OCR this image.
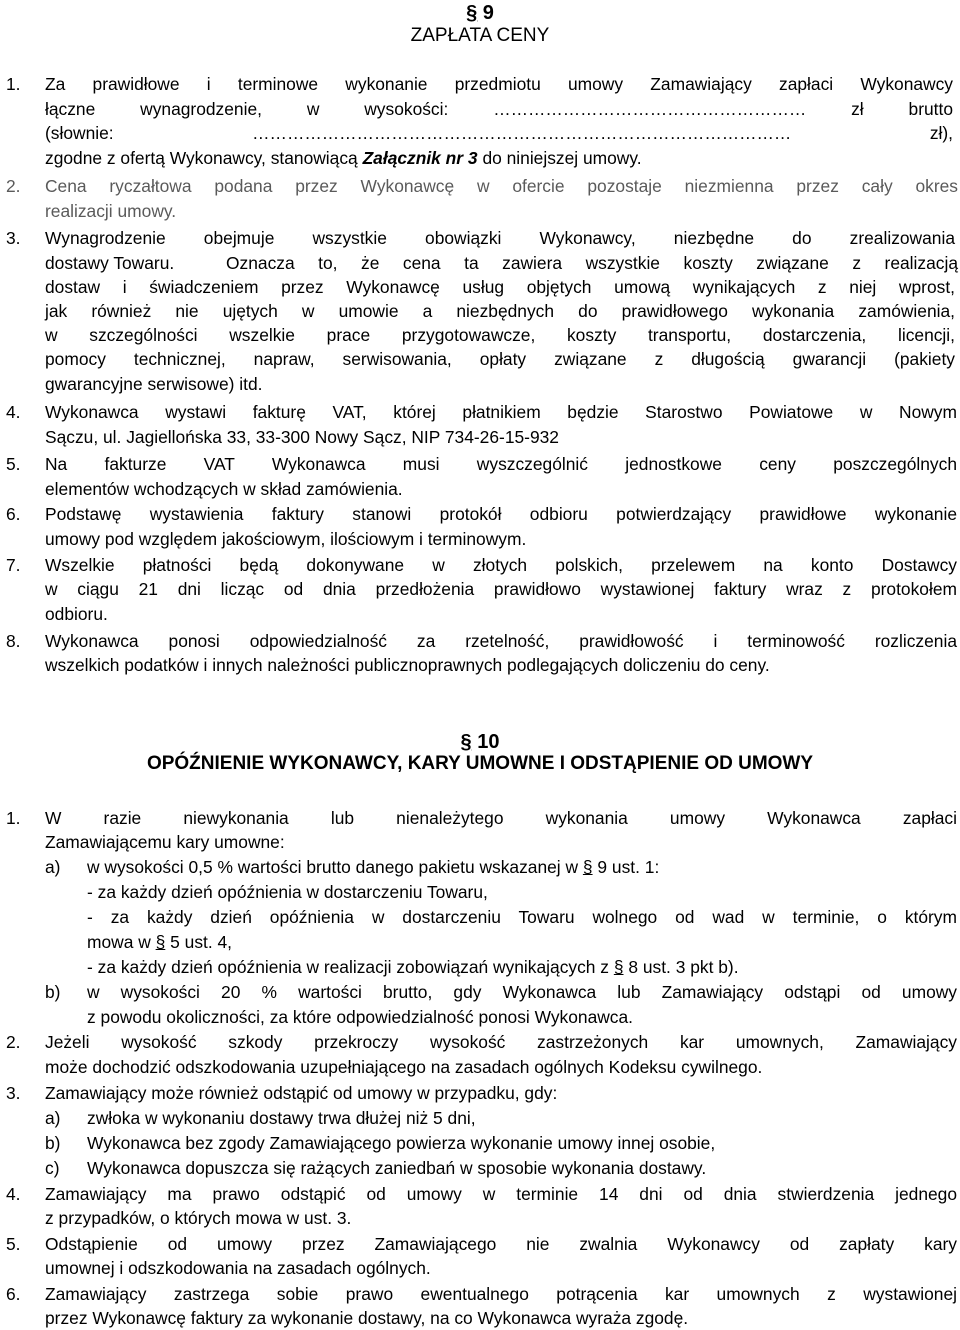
§ 9
ZAPŁATA CENY
1. Za prawidłowe i terminowe wykonanie przedmiotu umowy Zamawiający zapłaci Wykonawcy
łączne wynagrodzenie, w wysokości: ……………………………………………… zł brutto
(słownie: ………………………………………………………………………………… zł),
zgodne z ofertą Wykonawcy, stanowiącą Załącznik nr 3 do niniejszej umowy.
2. Cena ryczałtowa podana przez Wykonawcę w ofercie pozostaje niezmienna przez cały okres
realizacji umowy.
3. Wynagrodzenie obejmuje wszystkie obowiązki Wykonawcy, niezbędne do zrealizowania
dostawy Towaru.	Oznacza to, że cena ta zawiera wszystkie koszty związane z realizacją
dostaw i świadczeniem przez Wykonawcę usług objętych umową wynikających z niej wprost,
jak również nie ujętych w umowie a niezbędnych do prawidłowego wykonania zamówienia,
w szczególności wszelkie prace przygotowawcze, koszty transportu, dostarczenia, licencji,
pomocy technicznej, napraw, serwisowania, opłaty związane z długością gwarancji (pakiety
gwarancyjne serwisowe) itd.
4. Wykonawca wystawi fakturę VAT, której płatnikiem będzie Starostwo Powiatowe w Nowym
Sączu, ul. Jagiellońska 33, 33-300 Nowy Sącz, NIP 734-26-15-932
5. Na fakturze VAT Wykonawca musi wyszczególnić jednostkowe ceny poszczególnych
elementów wchodzących w skład zamówienia.
6. Podstawę wystawienia faktury stanowi protokół odbioru potwierdzający prawidłowe wykonanie
umowy pod względem jakościowym, ilościowym i terminowym.
7. Wszelkie płatności będą dokonywane w złotych polskich, przelewem na konto Dostawcy
w ciągu 21 dni licząc od dnia przedłożenia prawidłowo wystawionej faktury wraz z protokołem
odbioru.
8. Wykonawca ponosi odpowiedzialność za rzetelność, prawidłowość i terminowość rozliczenia
wszelkich podatków i innych należności publicznoprawnych podlegających doliczeniu do ceny.
§ 10
OPÓŹNIENIE WYKONAWCY, KARY UMOWNE I ODSTĄPIENIE OD UMOWY
1. W razie niewykonania lub nienależytego wykonania umowy Wykonawca zapłaci
Zamawiającemu kary umowne:
a) w wysokości 0,5 % wartości brutto danego pakietu wskazanej w § 9 ust. 1:
- za każdy dzień opóźnienia w dostarczeniu Towaru,
- za każdy dzień opóźnienia w dostarczeniu Towaru wolnego od wad w terminie, o którym
mowa w § 5 ust. 4,
- za każdy dzień opóźnienia w realizacji zobowiązań wynikających z § 8 ust. 3 pkt b).
b) w wysokości 20 % wartości brutto, gdy Wykonawca lub Zamawiający odstąpi od umowy
z powodu okoliczności, za które odpowiedzialność ponosi Wykonawca.
2. Jeżeli wysokość szkody przekroczy wysokość zastrzeżonych kar umownych, Zamawiający
może dochodzić odszkodowania uzupełniającego na zasadach ogólnych Kodeksu cywilnego.
3. Zamawiający może również odstąpić od umowy w przypadku, gdy:
a) zwłoka w wykonaniu dostawy trwa dłużej niż 5 dni,
b) Wykonawca bez zgody Zamawiającego powierza wykonanie umowy innej osobie,
c) Wykonawca dopuszcza się rażących zaniedbań w sposobie wykonania dostawy.
4. Zamawiający ma prawo odstąpić od umowy w terminie 14 dni od dnia stwierdzenia jednego
z przypadków, o których mowa w ust. 3.
5. Odstąpienie od umowy przez Zamawiającego nie zwalnia Wykonawcy od zapłaty kary
umownej i odszkodowania na zasadach ogólnych.
6. Zamawiający zastrzega sobie prawo ewentualnego potrącenia kar umownych z wystawionej
przez Wykonawcę faktury za wykonanie dostawy, na co Wykonawca wyraża zgodę.
